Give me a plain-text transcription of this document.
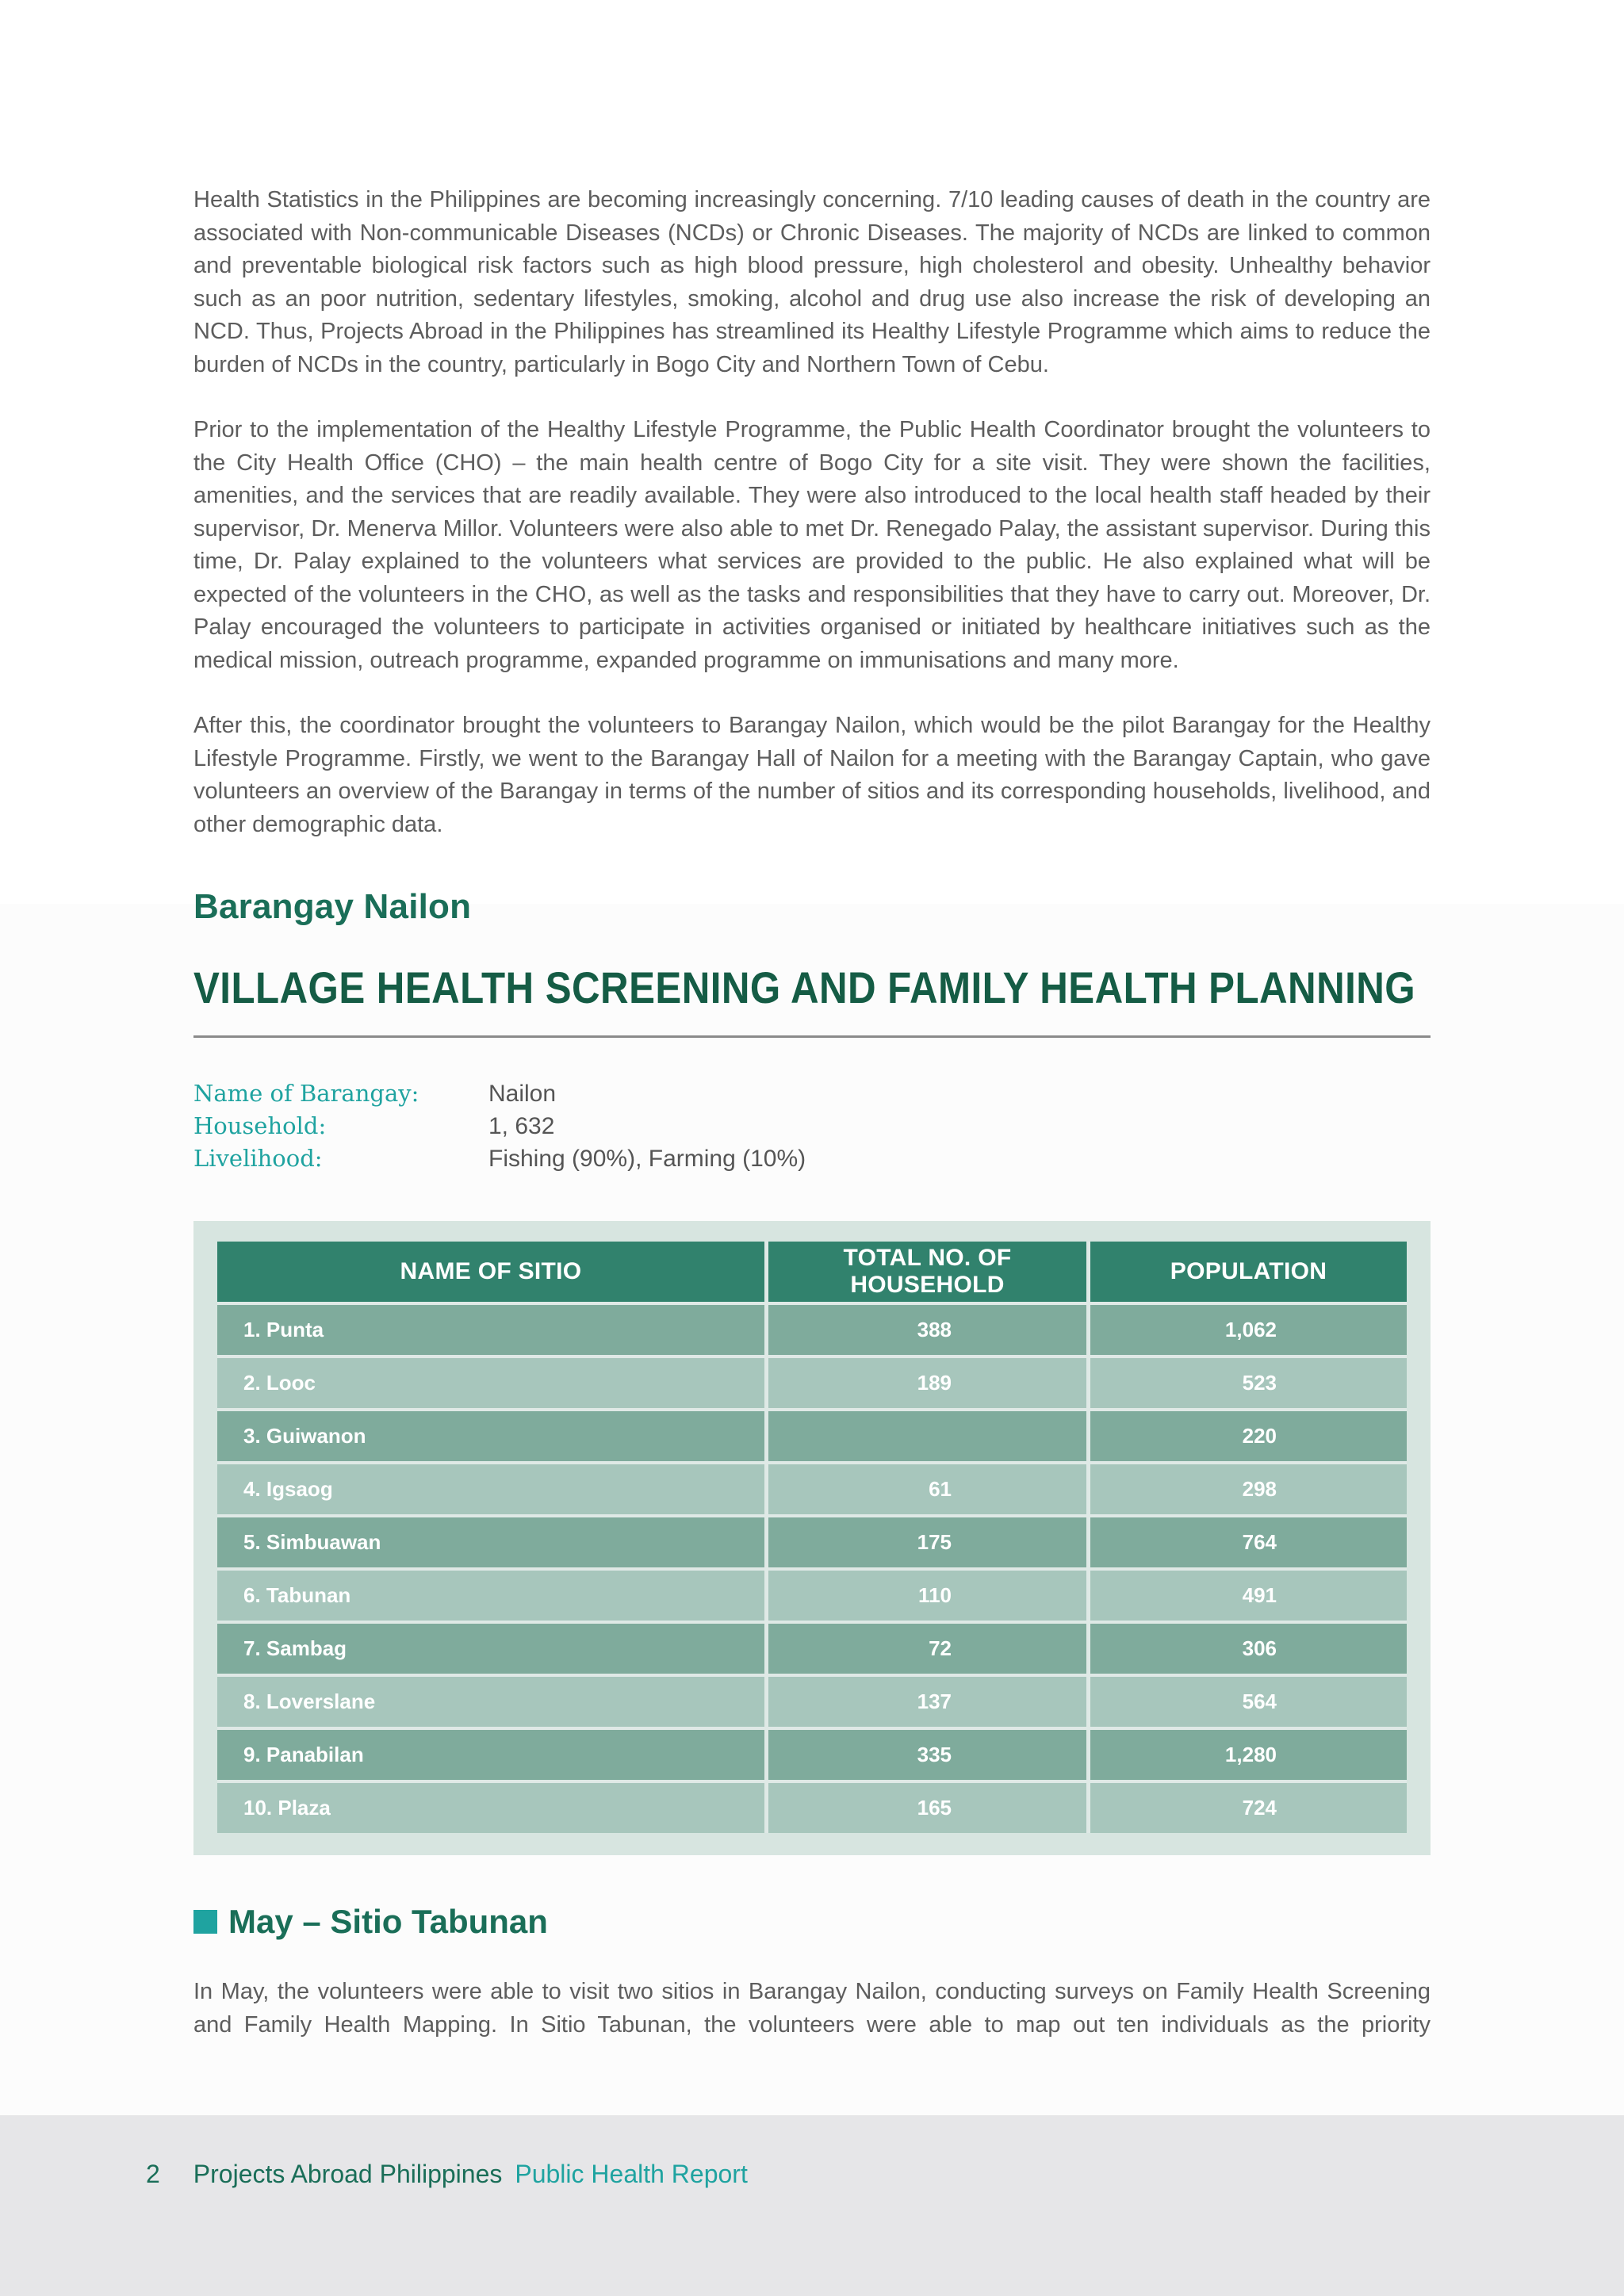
Health Statistics in the Philippines are becoming increasingly concerning. 7/10 leading causes of death in the country are associated with Non-communicable Diseases (NCDs) or Chronic Diseases. The majority of NCDs are linked to common and preventable biological risk factors such as high blood pressure, high cholesterol and obesity. Unhealthy behavior such as an poor nutrition, sedentary lifestyles, smoking, alcohol and drug use also increase the risk of developing an NCD. Thus, Projects Abroad in the Philippines has streamlined its Healthy Lifestyle Programme which aims to reduce the burden of NCDs in the country, particularly in Bogo City and Northern Town of Cebu.

Prior to the implementation of the Healthy Lifestyle Programme, the Public Health Coordinator brought the volunteers to the City Health Office (CHO) – the main health centre of Bogo City for a site visit. They were shown the facilities, amenities, and the services that are readily available. They were also introduced to the local health staff headed by their supervisor, Dr. Menerva Millor. Volunteers were also able to met Dr. Renegado Palay, the assistant supervisor. During this time, Dr. Palay explained to the volunteers what services are provided to the public. He also explained what will be expected of the volunteers in the CHO, as well as the tasks and responsibilities that they have to carry out. Moreover, Dr. Palay encouraged the volunteers to participate in activities organised or initiated by healthcare initiatives such as the medical mission, outreach programme, expanded programme on immunisations and many more.

After this, the coordinator brought the volunteers to Barangay Nailon, which would be the pilot Barangay for the Healthy Lifestyle Programme. Firstly, we went to the Barangay Hall of Nailon for a meeting with the Barangay Captain, who gave volunteers an overview of the Barangay in terms of the number of sitios and its corresponding households, livelihood, and other demographic data.

Barangay Nailon
VILLAGE HEALTH SCREENING AND FAMILY HEALTH PLANNING
Name of Barangay:	Nailon
Household:	1, 632
Livelihood:	Fishing (90%), Farming (10%)
NAME OF SITIO	TOTAL NO. OF HOUSEHOLD	POPULATION
1. Punta	388	1,062
2. Looc	189	523
3. Guiwanon		220
4. Igsaog	61	298
5. Simbuawan	175	764
6. Tabunan	110	491
7. Sambag	72	306
8. Loverslane	137	564
9. Panabilan	335	1,280
10. Plaza	165	724
May – Sitio Tabunan

In May, the volunteers were able to visit two sitios in Barangay Nailon, conducting surveys on Family Health Screening and Family Health Mapping. In Sitio Tabunan, the volunteers were able to map out ten individuals as the priority

2 Projects Abroad Philippines Public Health Report
